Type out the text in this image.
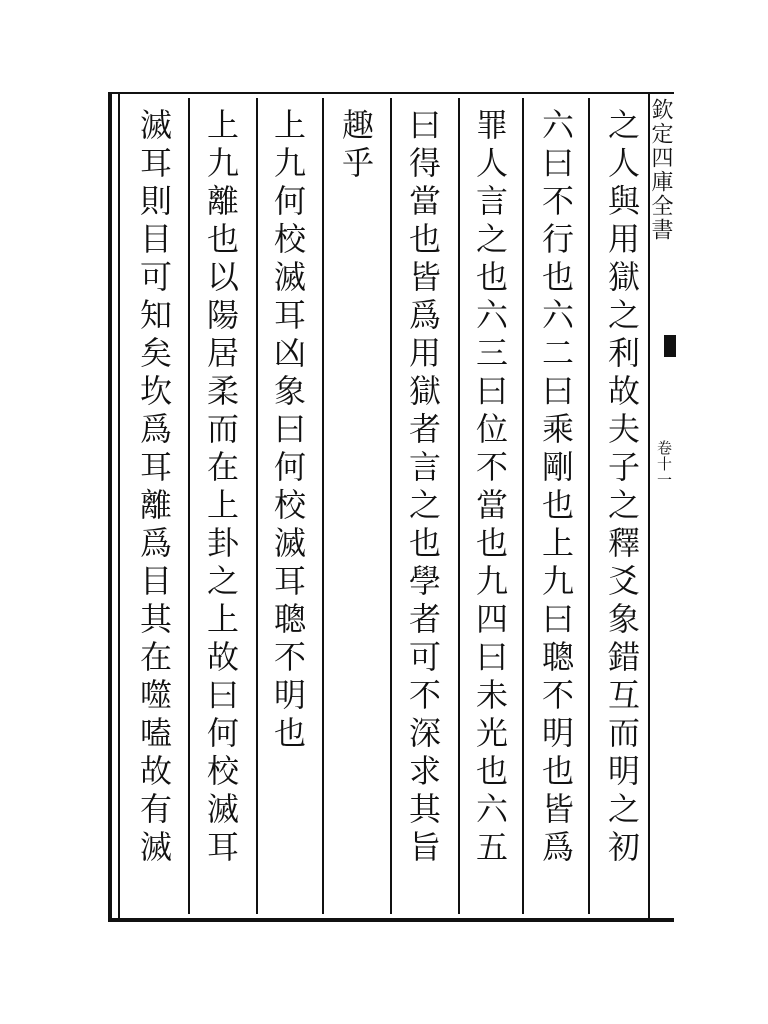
欽定四庫全書
卷十一
之人與用獄之利故夫子之釋爻象錯互而明之初
六曰不行也六二曰乘剛也上九曰聰不明也皆爲
罪人言之也六三曰位不當也九四曰未光也六五
曰得當也皆爲用獄者言之也學者可不深求其旨
趣乎
上九何校滅耳凶象曰何校滅耳聰不明也
上九離也以陽居柔而在上卦之上故曰何校滅耳
滅耳則目可知矣坎爲耳離爲目其在噬嗑故有滅
